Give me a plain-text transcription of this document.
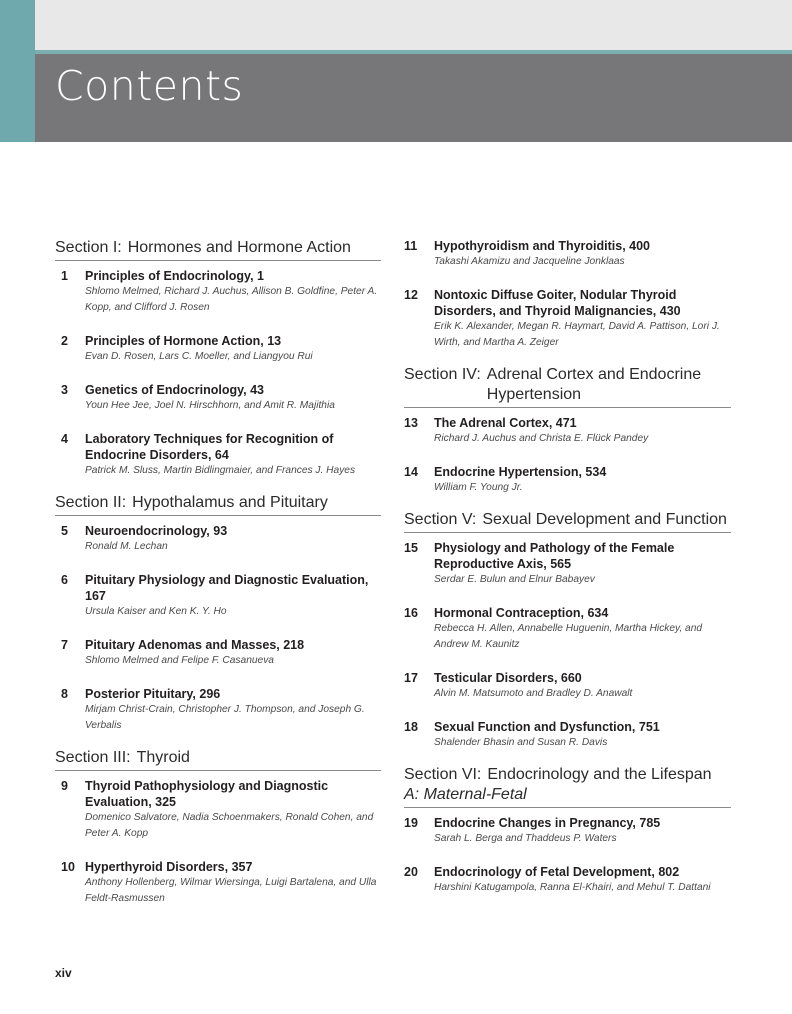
Contents
Section I: Hormones and Hormone Action
1	Principles of Endocrinology, 1
Shlomo Melmed, Richard J. Auchus, Allison B. Goldfine, Peter A. Kopp, and Clifford J. Rosen
2	Principles of Hormone Action, 13
Evan D. Rosen, Lars C. Moeller, and Liangyou Rui
3	Genetics of Endocrinology, 43
Youn Hee Jee, Joel N. Hirschhorn, and Amit R. Majithia
4	Laboratory Techniques for Recognition of Endocrine Disorders, 64
Patrick M. Sluss, Martin Bidlingmaier, and Frances J. Hayes
Section II: Hypothalamus and Pituitary
5	Neuroendocrinology, 93
Ronald M. Lechan
6	Pituitary Physiology and Diagnostic Evaluation, 167
Ursula Kaiser and Ken K. Y. Ho
7	Pituitary Adenomas and Masses, 218
Shlomo Melmed and Felipe F. Casanueva
8	Posterior Pituitary, 296
Mirjam Christ-Crain, Christopher J. Thompson, and Joseph G. Verbalis
Section III: Thyroid
9	Thyroid Pathophysiology and Diagnostic Evaluation, 325
Domenico Salvatore, Nadia Schoenmakers, Ronald Cohen, and Peter A. Kopp
10 Hyperthyroid Disorders, 357
Anthony Hollenberg, Wilmar Wiersinga, Luigi Bartalena, and Ulla Feldt-Rasmussen
11	Hypothyroidism and Thyroiditis, 400
Takashi Akamizu and Jacqueline Jonklaas
12	Nontoxic Diffuse Goiter, Nodular Thyroid Disorders, and Thyroid Malignancies, 430
Erik K. Alexander, Megan R. Haymart, David A. Pattison, Lori J. Wirth, and Martha A. Zeiger
Section IV: Adrenal Cortex and Endocrine Hypertension
13	The Adrenal Cortex, 471
Richard J. Auchus and Christa E. Flück Pandey
14	Endocrine Hypertension, 534
William F. Young Jr.
Section V: Sexual Development and Function
15	Physiology and Pathology of the Female Reproductive Axis, 565
Serdar E. Bulun and Elnur Babayev
16	Hormonal Contraception, 634
Rebecca H. Allen, Annabelle Huguenin, Martha Hickey, and Andrew M. Kaunitz
17	Testicular Disorders, 660
Alvin M. Matsumoto and Bradley D. Anawalt
18	Sexual Function and Dysfunction, 751
Shalender Bhasin and Susan R. Davis
Section VI: Endocrinology and the Lifespan
A: Maternal-Fetal
19	Endocrine Changes in Pregnancy, 785
Sarah L. Berga and Thaddeus P. Waters
20	Endocrinology of Fetal Development, 802
Harshini Katugampola, Ranna El-Khairi, and Mehul T. Dattani
xiv
